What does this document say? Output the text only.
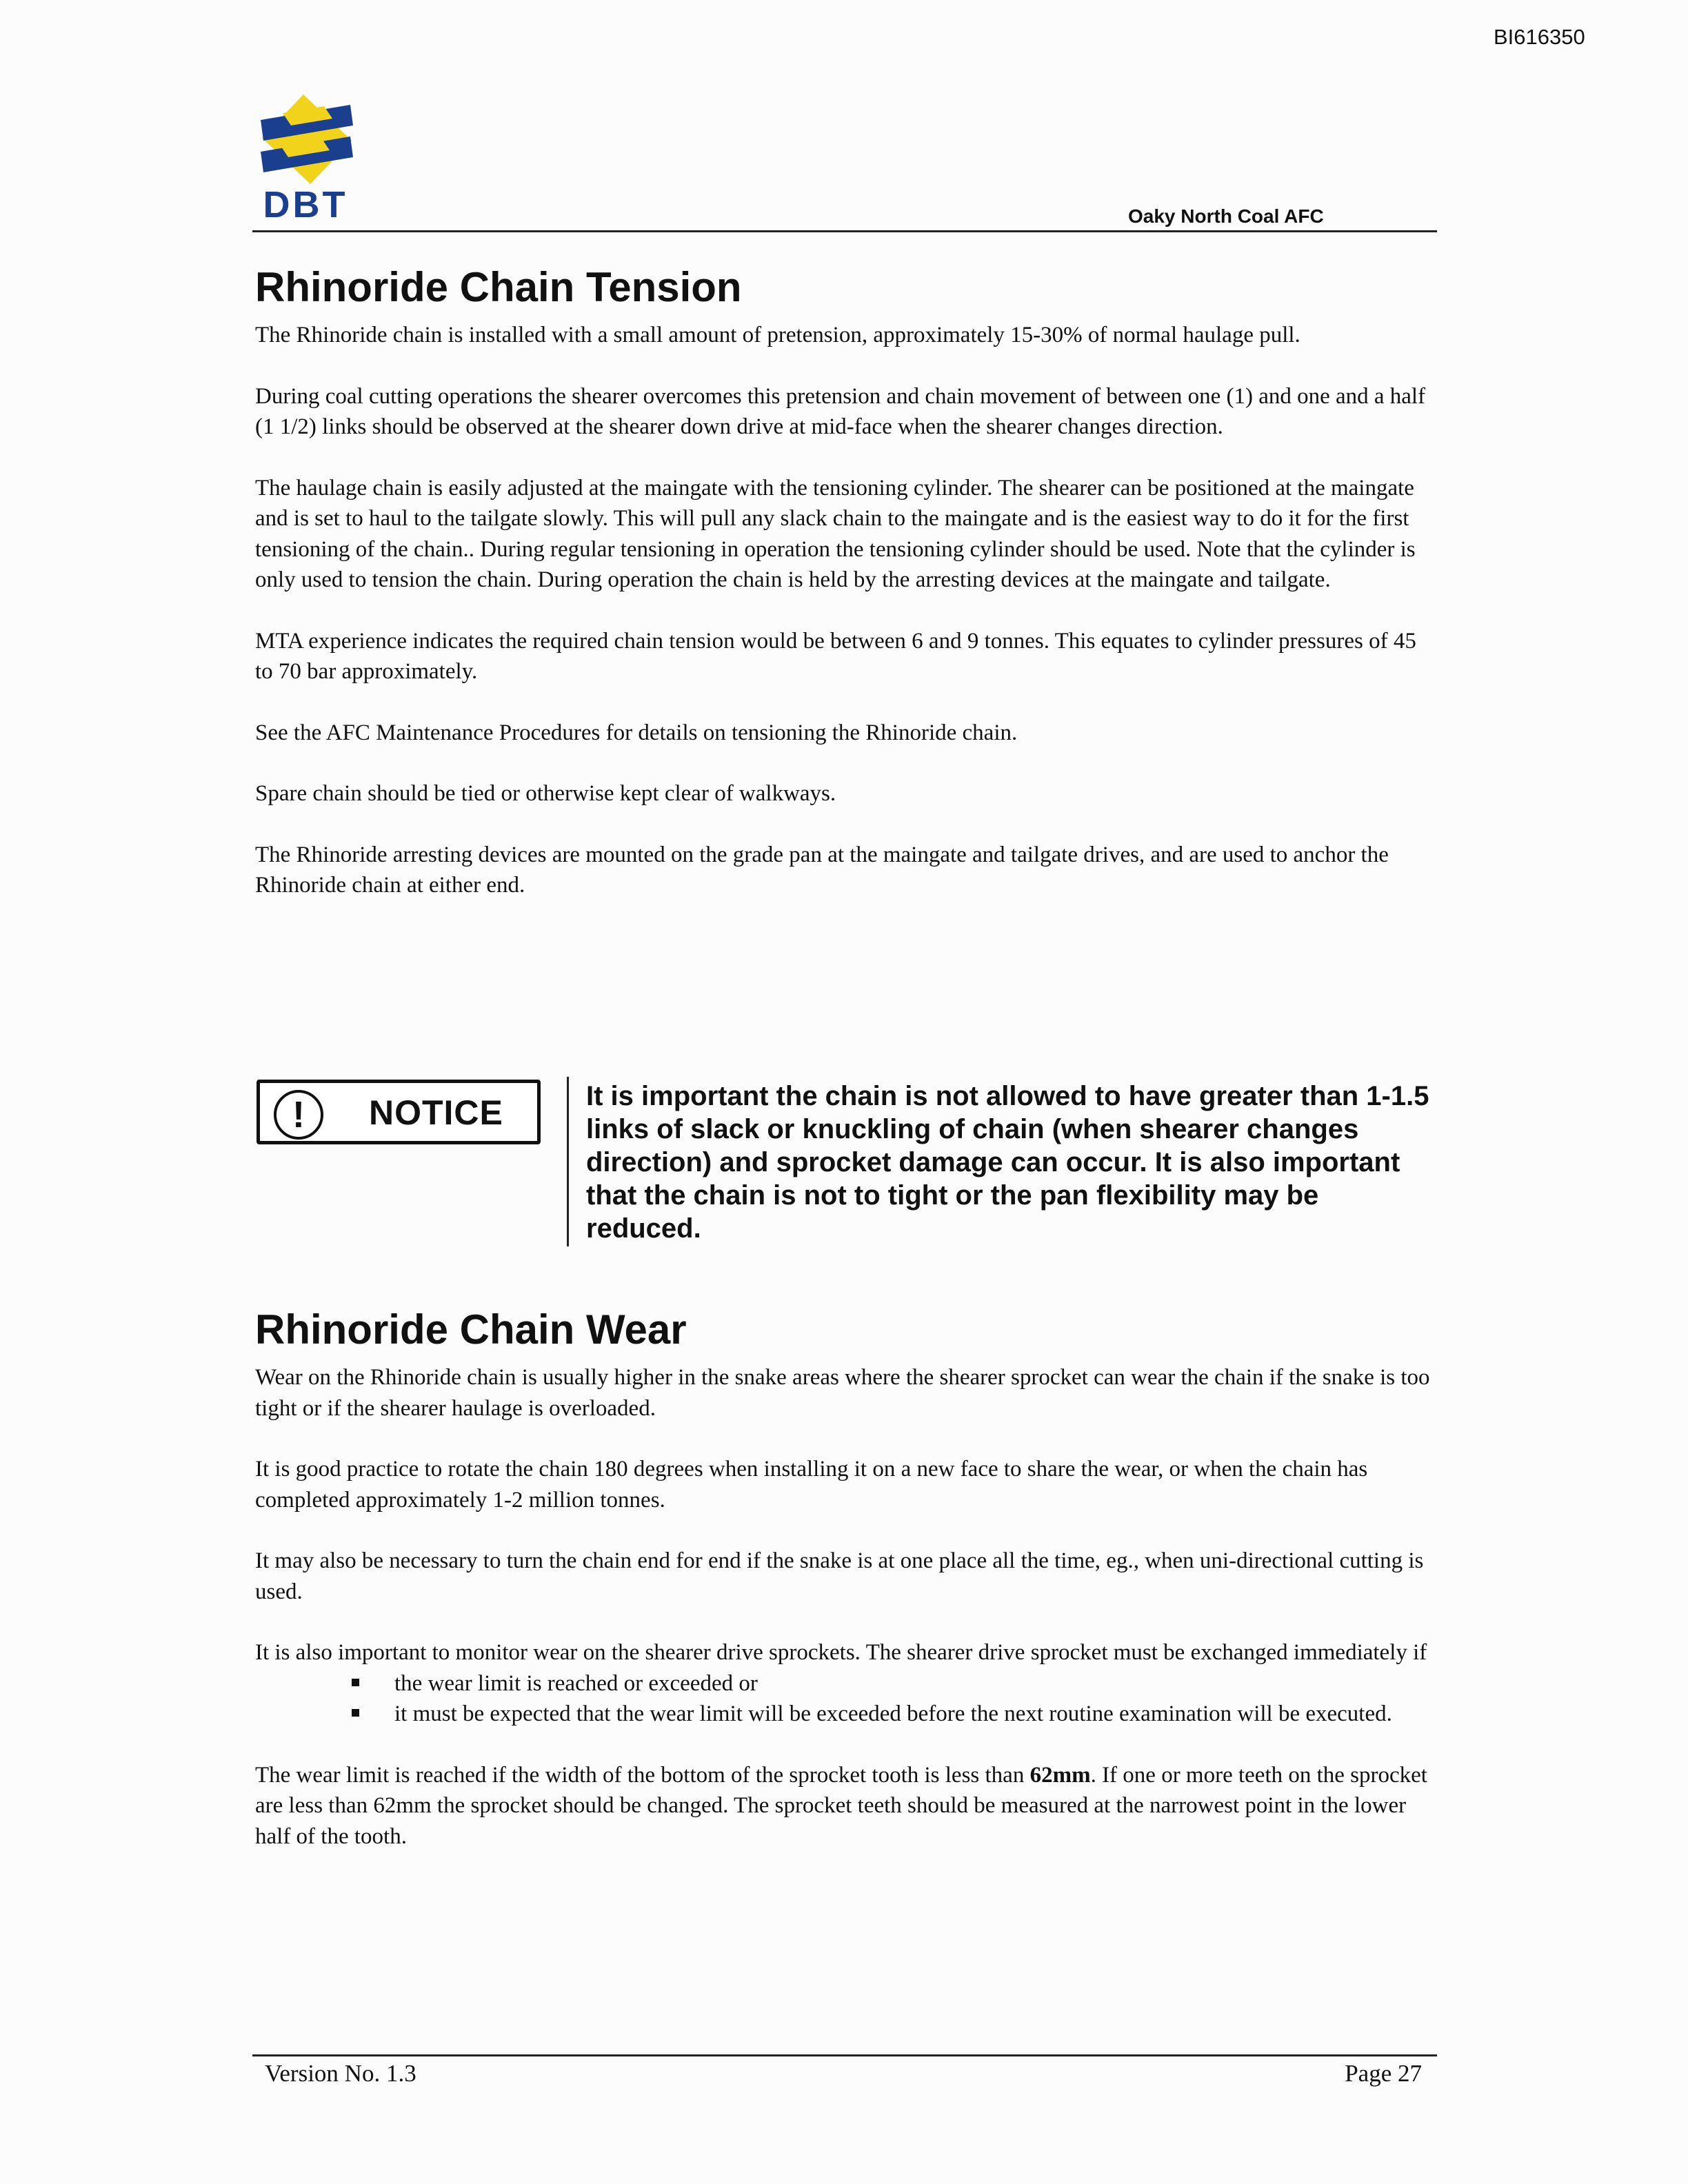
BI616350
DBT	Oaky North Coal AFC
Rhinoride Chain Tension

The Rhinoride chain is installed with a small amount of pretension, approximately 15-30% of normal haulage pull.

During coal cutting operations the shearer overcomes this pretension and chain movement of between one (1) and one and a half (1 1/2) links should be observed at the shearer down drive at mid-face when the shearer changes direction.

The haulage chain is easily adjusted at the maingate with the tensioning cylinder. The shearer can be positioned at the maingate and is set to haul to the tailgate slowly. This will pull any slack chain to the maingate and is the easiest way to do it for the first tensioning of the chain.. During regular tensioning in operation the tensioning cylinder should be used. Note that the cylinder is only used to tension the chain. During operation the chain is held by the arresting devices at the maingate and tailgate.

MTA experience indicates the required chain tension would be between 6 and 9 tonnes. This equates to cylinder pressures of 45 to 70 bar approximately.

See the AFC Maintenance Procedures for details on tensioning the Rhinoride chain.

Spare chain should be tied or otherwise kept clear of walkways.

The Rhinoride arresting devices are mounted on the grade pan at the maingate and tailgate drives, and are used to anchor the Rhinoride chain at either end.

!	NOTICE	It is important the chain is not allowed to have greater than 1-1.5 links of slack or knuckling of chain (when shearer changes direction) and sprocket damage can occur. It is also important that the chain is not to tight or the pan flexibility may be reduced.
Rhinoride Chain Wear

Wear on the Rhinoride chain is usually higher in the snake areas where the shearer sprocket can wear the chain if the snake is too tight or if the shearer haulage is overloaded.

It is good practice to rotate the chain 180 degrees when installing it on a new face to share the wear, or when the chain has completed approximately 1-2 million tonnes.

It may also be necessary to turn the chain end for end if the snake is at one place all the time, eg., when uni-directional cutting is used.

It is also important to monitor wear on the shearer drive sprockets. The shearer drive sprocket must be exchanged immediately if

the wear limit is reached or exceeded or
it must be expected that the wear limit will be exceeded before the next routine examination will be executed.

The wear limit is reached if the width of the bottom of the sprocket tooth is less than 62mm. If one or more teeth on the sprocket are less than 62mm the sprocket should be changed. The sprocket teeth should be measured at the narrowest point in the lower half of the tooth.

Version No. 1.3	Page 27
